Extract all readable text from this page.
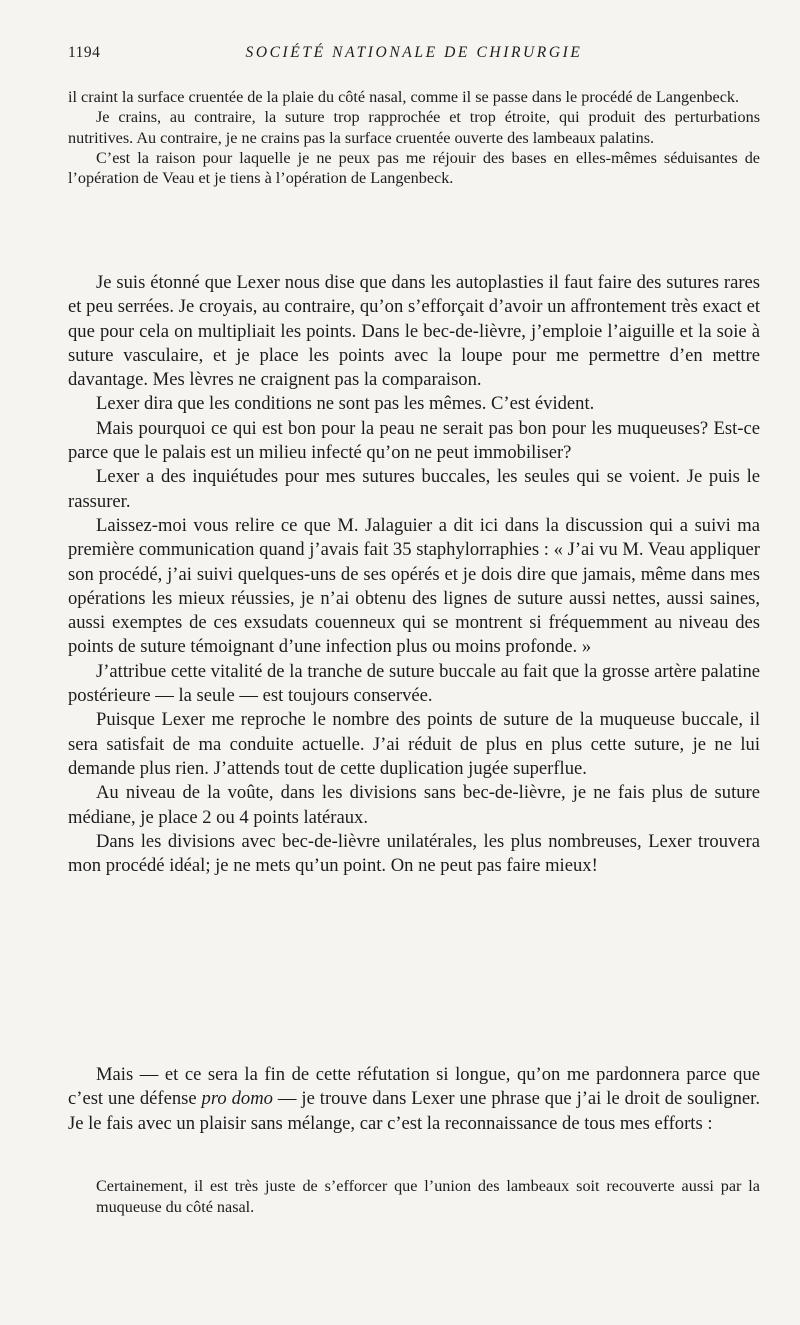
1194	SOCIÉTÉ NATIONALE DE CHIRURGIE

il craint la surface cruentée de la plaie du côté nasal, comme il se passe dans le procédé de Langenbeck.

Je crains, au contraire, la suture trop rapprochée et trop étroite, qui produit des perturbations nutritives. Au contraire, je ne crains pas la surface cruentée ouverte des lambeaux palatins.

C’est la raison pour laquelle je ne peux pas me réjouir des bases en elles-mêmes séduisantes de l’opération de Veau et je tiens à l’opération de Langenbeck.

Je suis étonné que Lexer nous dise que dans les autoplasties il faut faire des sutures rares et peu serrées. Je croyais, au contraire, qu’on s’efforçait d’avoir un affrontement très exact et que pour cela on multipliait les points. Dans le bec-de-lièvre, j’emploie l’aiguille et la soie à suture vasculaire, et je place les points avec la loupe pour me permettre d’en mettre davantage. Mes lèvres ne craignent pas la comparaison.

Lexer dira que les conditions ne sont pas les mêmes. C’est évident.

Mais pourquoi ce qui est bon pour la peau ne serait pas bon pour les muqueuses? Est-ce parce que le palais est un milieu infecté qu’on ne peut immobiliser?

Lexer a des inquiétudes pour mes sutures buccales, les seules qui se voient. Je puis le rassurer.

Laissez-moi vous relire ce que M. Jalaguier a dit ici dans la discussion qui a suivi ma première communication quand j’avais fait 35 staphylorraphies : « J’ai vu M. Veau appliquer son procédé, j’ai suivi quelques-uns de ses opérés et je dois dire que jamais, même dans mes opérations les mieux réussies, je n’ai obtenu des lignes de suture aussi nettes, aussi saines, aussi exemptes de ces exsudats couenneux qui se montrent si fréquemment au niveau des points de suture témoignant d’une infection plus ou moins profonde. »

J’attribue cette vitalité de la tranche de suture buccale au fait que la grosse artère palatine postérieure — la seule — est toujours conservée.

Puisque Lexer me reproche le nombre des points de suture de la muqueuse buccale, il sera satisfait de ma conduite actuelle. J’ai réduit de plus en plus cette suture, je ne lui demande plus rien. J’attends tout de cette duplication jugée superflue.

Au niveau de la voûte, dans les divisions sans bec-de-lièvre, je ne fais plus de suture médiane, je place 2 ou 4 points latéraux.

Dans les divisions avec bec-de-lièvre unilatérales, les plus nombreuses, Lexer trouvera mon procédé idéal; je ne mets qu’un point. On ne peut pas faire mieux!

Mais — et ce sera la fin de cette réfutation si longue, qu’on me pardonnera parce que c’est une défense pro domo — je trouve dans Lexer une phrase que j’ai le droit de souligner. Je le fais avec un plaisir sans mélange, car c’est la reconnaissance de tous mes efforts :

Certainement, il est très juste de s’efforcer que l’union des lambeaux soit recouverte aussi par la muqueuse du côté nasal.
